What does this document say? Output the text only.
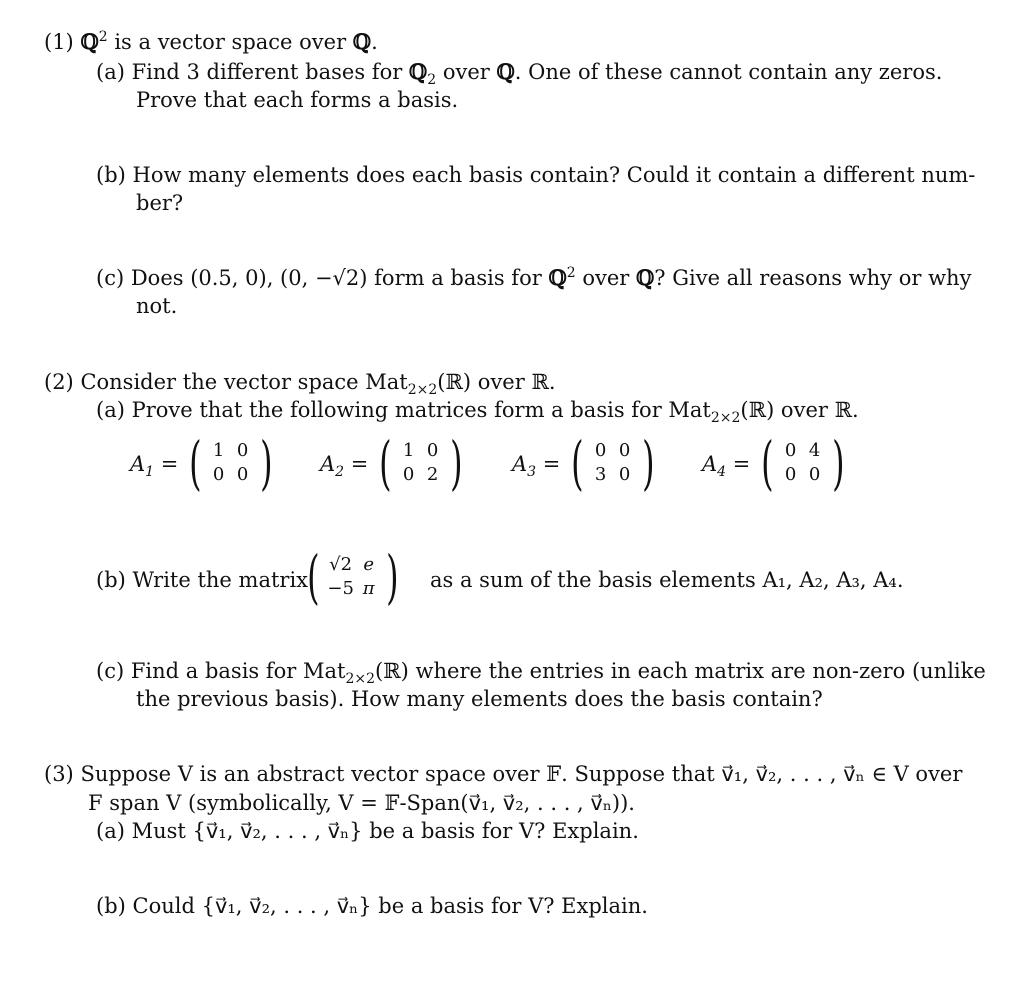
(1) ℚ$^2$ is a vector space over ℚ.
(a) Find 3 different bases for ℚ$_2$ over ℚ. One of these cannot contain any zeros.
Prove that each forms a basis.
(b) How many elements does each basis contain? Could it contain a different num-
ber?
(c) Does (0.5, 0), (0, −√2) form a basis for ℚ$^2$ over ℚ? Give all reasons why or why
not.
(2) Consider the vector space Mat$_{2\times 2}$(ℝ) over ℝ.
(a) Prove that the following matrices form a basis for Mat$_{2\times 2}$(ℝ) over ℝ.
$A_1$ = ( 1 0
0 0 ) $A_2$ = ( 1 0
0 2 ) $A_3$ = ( 0 0
3 0 ) $A_4$ = ( 0 4
0 0 )
(b) Write the matrix ( √2 e
−5 π ) as a sum of the basis elements A₁, A₂, A₃, A₄.
(c) Find a basis for Mat$_{2\times 2}$(ℝ) where the entries in each matrix are non-zero (unlike
the previous basis). How many elements does the basis contain?
(3) Suppose V is an abstract vector space over 𝔽. Suppose that v⃗₁, v⃗₂, . . . , v⃗ₙ ∈ V over
F span V (symbolically, V = 𝔽-Span(v⃗₁, v⃗₂, . . . , v⃗ₙ)).
(a) Must {v⃗₁, v⃗₂, . . . , v⃗ₙ} be a basis for V? Explain.
(b) Could {v⃗₁, v⃗₂, . . . , v⃗ₙ} be a basis for V? Explain.
